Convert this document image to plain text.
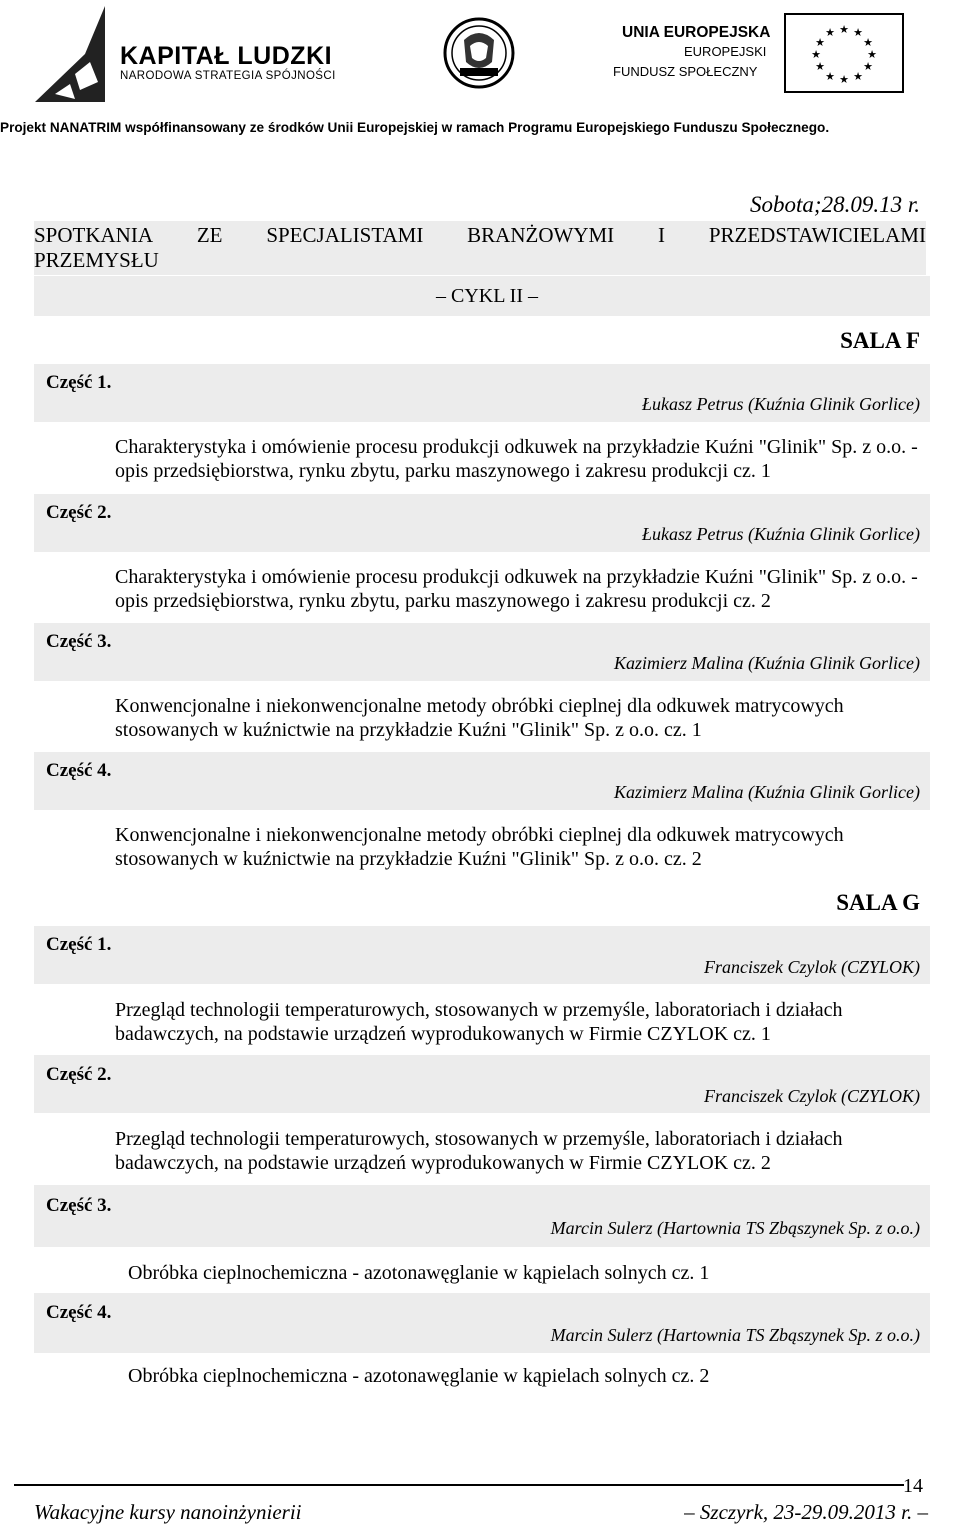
KAPITAŁ LUDZKI
NARODOWA STRATEGIA SPÓJNOŚCI
UNIA EUROPEJSKA
EUROPEJSKI
FUNDUSZ SPOŁECZNY
★ ★
★
★
★
★
★
★
★
★
★
★
Projekt NANATRIM współfinansowany ze środków Unii Europejskiej w ramach Programu Europejskiego Funduszu Społecznego.
Sobota;28.09.13 r.
SPOTKANIA ZE SPECJALISTAMI BRANŻOWYMI I PRZEDSTAWICIELAMI
PRZEMYSŁU
– CYKL II –
SALA F
Część 1.
Łukasz Petrus (Kuźnia Glinik Gorlice)
Charakterystyka i omówienie procesu produkcji odkuwek na przykładzie Kuźni "Glinik" Sp. z o.o. - opis przedsiębiorstwa, rynku zbytu, parku maszynowego i zakresu produkcji cz. 1
Część 2.
Łukasz Petrus (Kuźnia Glinik Gorlice)
Charakterystyka i omówienie procesu produkcji odkuwek na przykładzie Kuźni "Glinik" Sp. z o.o. - opis przedsiębiorstwa, rynku zbytu, parku maszynowego i zakresu produkcji cz. 2
Część 3.
Kazimierz Malina (Kuźnia Glinik Gorlice)
Konwencjonalne i niekonwencjonalne metody obróbki cieplnej dla odkuwek matrycowych stosowanych w kuźnictwie na przykładzie Kuźni "Glinik" Sp. z o.o. cz. 1
Część 4.
Kazimierz Malina (Kuźnia Glinik Gorlice)
Konwencjonalne i niekonwencjonalne metody obróbki cieplnej dla odkuwek matrycowych stosowanych w kuźnictwie na przykładzie Kuźni "Glinik" Sp. z o.o. cz. 2
SALA G
Część 1.
Franciszek Czylok (CZYLOK)
Przegląd technologii temperaturowych, stosowanych w przemyśle, laboratoriach i działach badawczych, na podstawie urządzeń wyprodukowanych w Firmie CZYLOK cz. 1
Część 2.
Franciszek Czylok (CZYLOK)
Przegląd technologii temperaturowych, stosowanych w przemyśle, laboratoriach i działach badawczych, na podstawie urządzeń wyprodukowanych w Firmie CZYLOK cz. 2
Część 3.
Marcin Sulerz (Hartownia TS Zbąszynek Sp. z o.o.)
Obróbka cieplnochemiczna - azotonawęglanie w kąpielach solnych cz. 1
Część 4.
Marcin Sulerz (Hartownia TS Zbąszynek Sp. z o.o.)
Obróbka cieplnochemiczna - azotonawęglanie w kąpielach solnych cz. 2
14
Wakacyjne kursy nanoinżynierii	– Szczyrk, 23-29.09.2013 r. –
